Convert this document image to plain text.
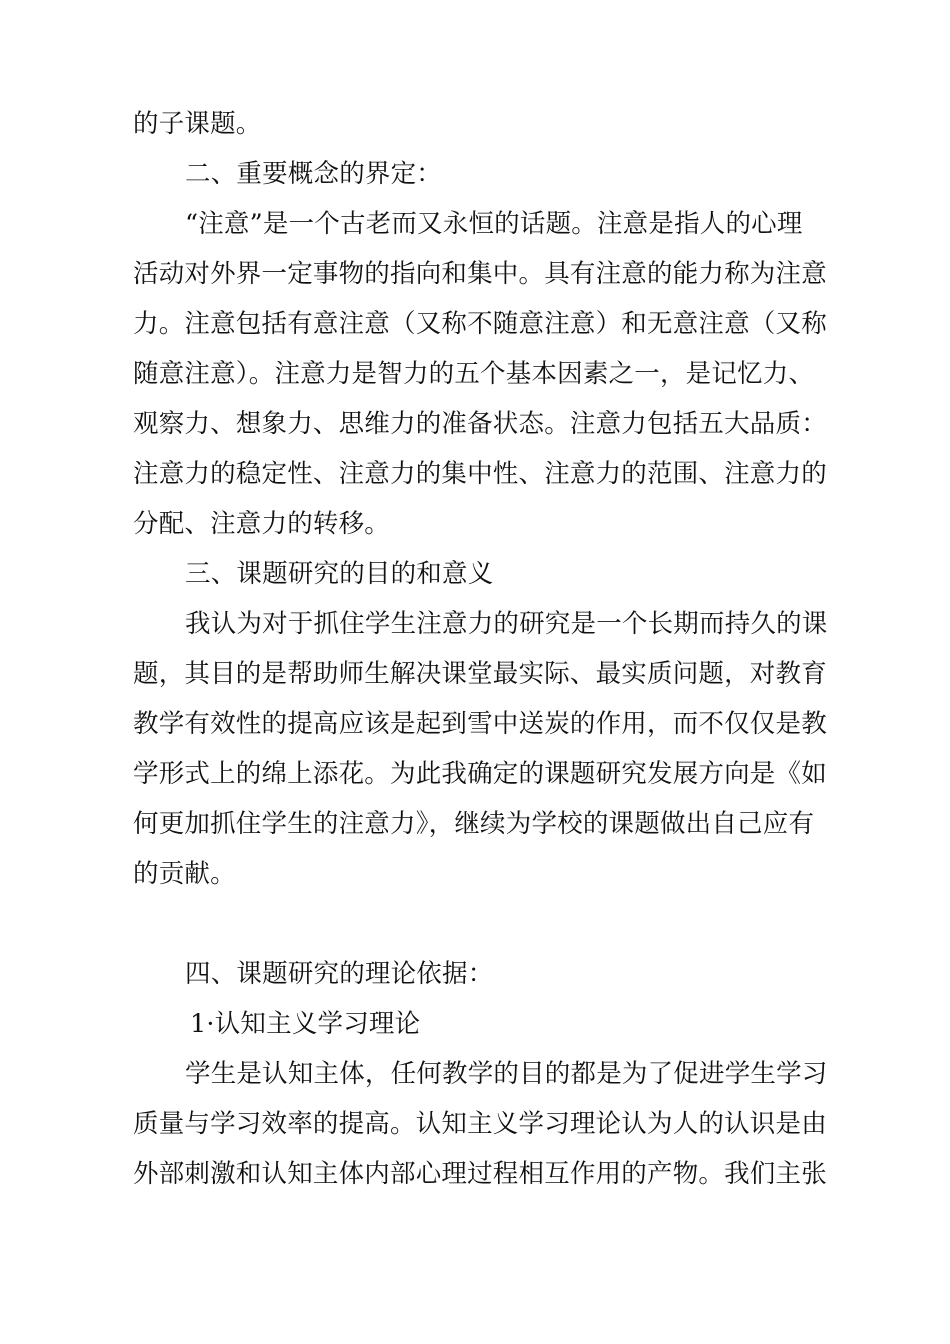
的子课题。
二、重要概念的界定：
“注意”是一个古老而又永恒的话题。注意是指人的心理
活动对外界一定事物的指向和集中。具有注意的能力称为注意
力。注意包括有意注意（又称不随意注意）和无意注意（又称
随意注意）。注意力是智力的五个基本因素之一，是记忆力、
观察力、想象力、思维力的准备状态。注意力包括五大品质：
注意力的稳定性、注意力的集中性、注意力的范围、注意力的
分配、注意力的转移。
三、课题研究的目的和意义
我认为对于抓住学生注意力的研究是一个长期而持久的课
题，其目的是帮助师生解决课堂最实际、最实质问题，对教育
教学有效性的提高应该是起到雪中送炭的作用，而不仅仅是教
学形式上的绵上添花。为此我确定的课题研究发展方向是《如
何更加抓住学生的注意力》，继续为学校的课题做出自己应有
的贡献。
四、课题研究的理论依据：
1·认知主义学习理论
学生是认知主体，任何教学的目的都是为了促进学生学习
质量与学习效率的提高。认知主义学习理论认为人的认识是由
外部刺激和认知主体内部心理过程相互作用的产物。我们主张
